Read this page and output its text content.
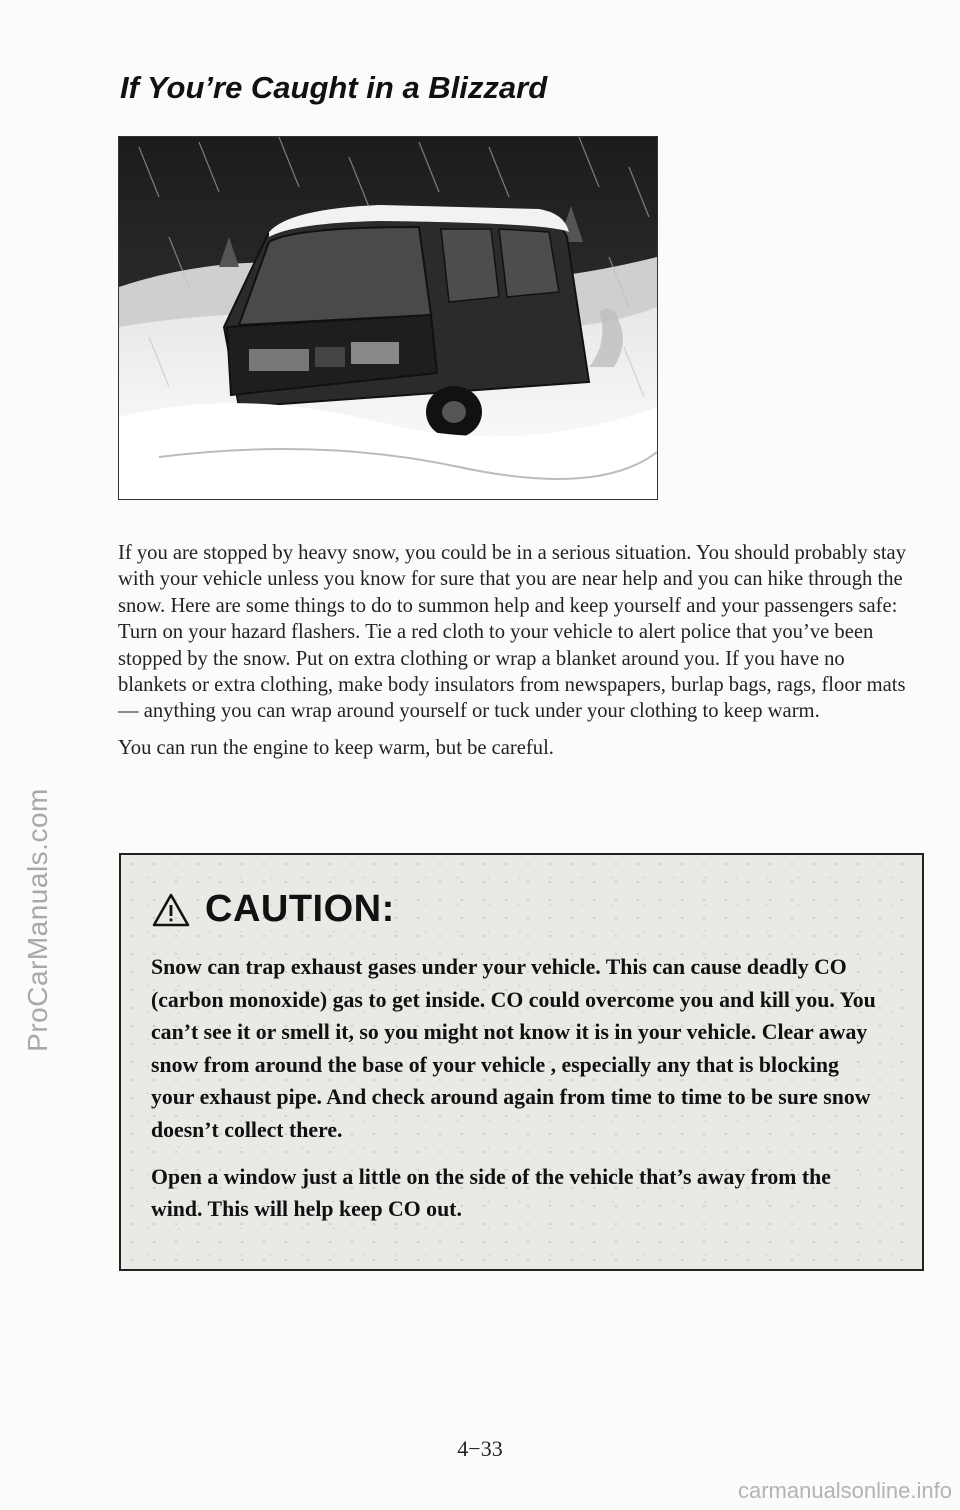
ProCarManuals.com
If You’re Caught in a Blizzard

If you are stopped by heavy snow, you could be in a serious situation. You should probably stay with your vehicle unless you know for sure that you are near help and you can hike through the snow. Here are some things to do to summon help and keep yourself and your passengers safe: Turn on your hazard flashers. Tie a red cloth to your vehicle to alert police that you’ve been stopped by the snow. Put on extra clothing or wrap a blanket around you. If you have no blankets or extra clothing, make body insulators from newspapers, burlap bags, rags, floor mats — anything you can wrap around yourself or tuck under your clothing to keep warm.

You can run the engine to keep warm, but be careful.

CAUTION:

Snow can trap exhaust gases under your vehicle. This can cause deadly CO (carbon monoxide) gas to get inside. CO could overcome you and kill you. You can’t see it or smell it, so you might not know it is in your vehicle. Clear away snow from around the base of your vehicle , especially any that is blocking your exhaust pipe. And check around again from time to time to be sure snow doesn’t collect there.

Open a window just a little on the side of the vehicle that’s away from the wind. This will help keep CO out.

4−33
carmanualsonline.info
